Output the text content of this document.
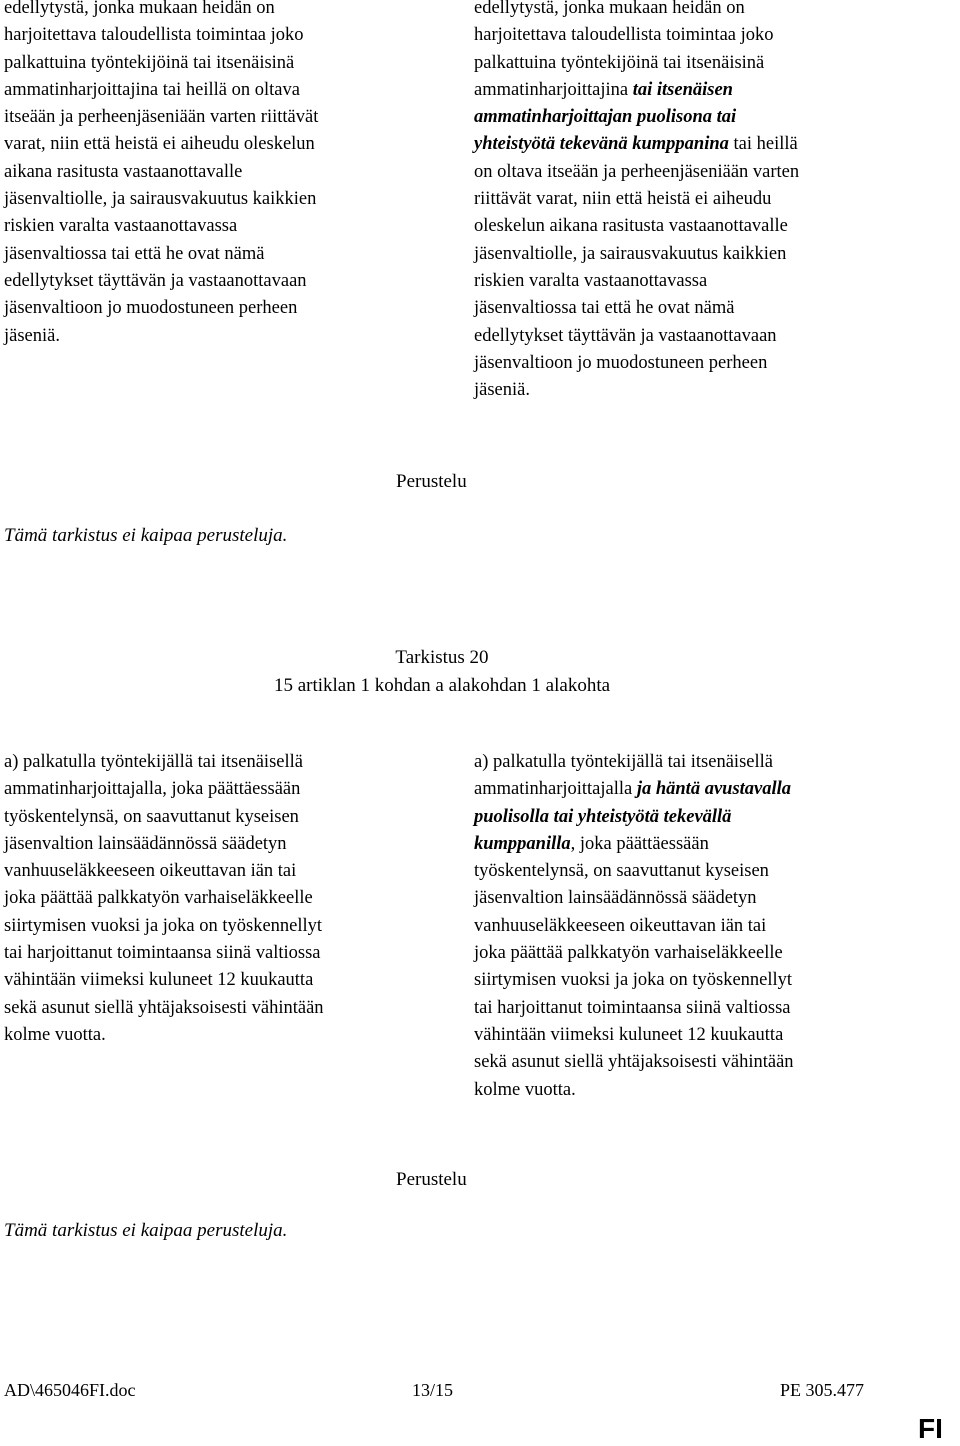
edellytystä, jonka mukaan heidän on

harjoitettava taloudellista toimintaa joko

palkattuina työntekijöinä tai itsenäisinä

ammatinharjoittajina tai heillä on oltava

itseään ja perheenjäseniään varten riittävät

varat, niin että heistä ei aiheudu oleskelun

aikana rasitusta vastaanottavalle

jäsenvaltiolle, ja sairausvakuutus kaikkien

riskien varalta vastaanottavassa

jäsenvaltiossa tai että he ovat nämä

edellytykset täyttävän ja vastaanottavaan

jäsenvaltioon jo muodostuneen perheen

jäseniä.

edellytystä, jonka mukaan heidän on

harjoitettava taloudellista toimintaa joko

palkattuina työntekijöinä tai itsenäisinä

ammatinharjoittajina tai itsenäisen

ammatinharjoittajan puolisona tai

yhteistyötä tekevänä kumppanina tai heillä

on oltava itseään ja perheenjäseniään varten

riittävät varat, niin että heistä ei aiheudu

oleskelun aikana rasitusta vastaanottavalle

jäsenvaltiolle, ja sairausvakuutus kaikkien

riskien varalta vastaanottavassa

jäsenvaltiossa tai että he ovat nämä

edellytykset täyttävän ja vastaanottavaan

jäsenvaltioon jo muodostuneen perheen

jäseniä.

Perustelu
Tämä tarkistus ei kaipaa perusteluja.
Tarkistus 20
15 artiklan 1 kohdan a alakohdan 1 alakohta

a) palkatulla työntekijällä tai itsenäisellä

ammatinharjoittajalla, joka päättäessään

työskentelynsä, on saavuttanut kyseisen

jäsenvaltion lainsäädännössä säädetyn

vanhuuseläkkeeseen oikeuttavan iän tai

joka päättää palkkatyön varhaiseläkkeelle

siirtymisen vuoksi ja joka on työskennellyt

tai harjoittanut toimintaansa siinä valtiossa

vähintään viimeksi kuluneet 12 kuukautta

sekä asunut siellä yhtäjaksoisesti vähintään

kolme vuotta.

a) palkatulla työntekijällä tai itsenäisellä

ammatinharjoittajalla ja häntä avustavalla

puolisolla tai yhteistyötä tekevällä

kumppanilla, joka päättäessään

työskentelynsä, on saavuttanut kyseisen

jäsenvaltion lainsäädännössä säädetyn

vanhuuseläkkeeseen oikeuttavan iän tai

joka päättää palkkatyön varhaiseläkkeelle

siirtymisen vuoksi ja joka on työskennellyt

tai harjoittanut toimintaansa siinä valtiossa

vähintään viimeksi kuluneet 12 kuukautta

sekä asunut siellä yhtäjaksoisesti vähintään

kolme vuotta.

Perustelu
Tämä tarkistus ei kaipaa perusteluja.
AD\465046FI.doc	13/15	PE 305.477
FI
